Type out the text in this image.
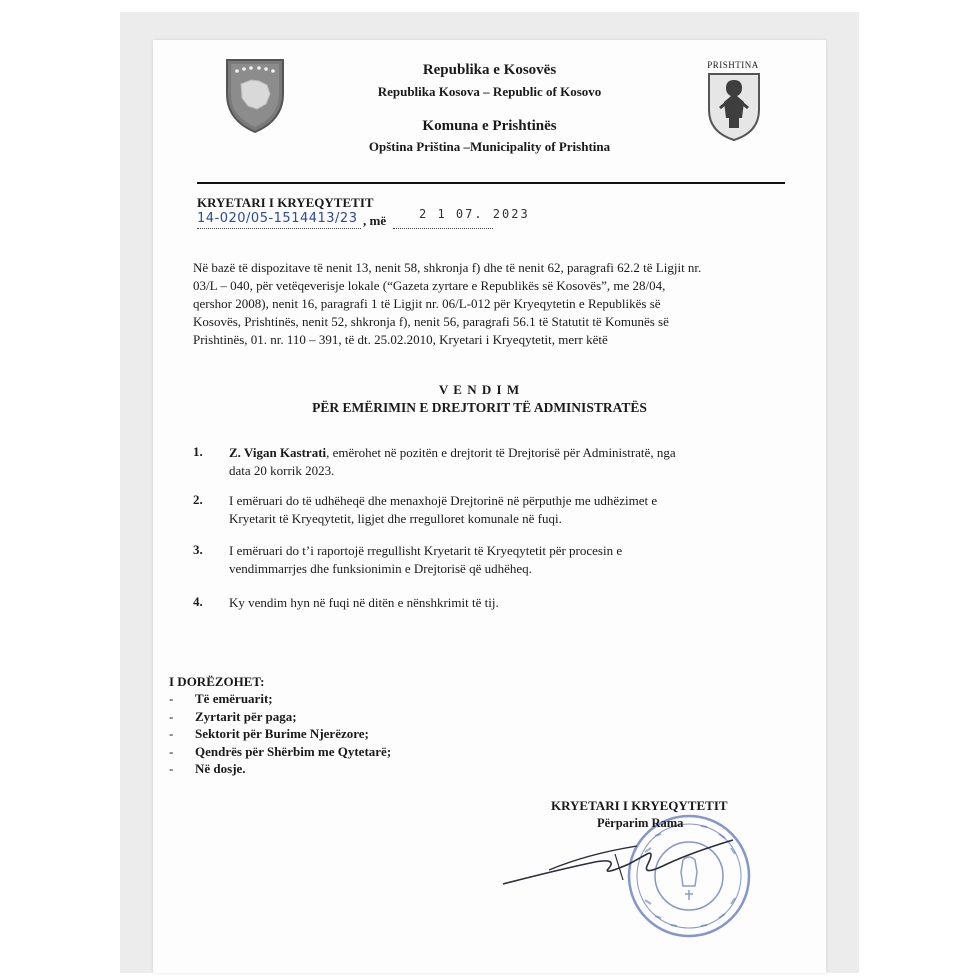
PRISHTINA
Republika e Kosovës
Republika Kosova – Republic of Kosovo
Komuna e Prishtinës
Opština Priština –Municipality of Prishtina
KRYETARI I KRYEQYTETIT
14-020/05-1514413/23 , më	2 1 07. 2023
Në bazë të dispozitave të nenit 13, nenit 58, shkronja f) dhe të nenit 62, paragrafi 62.2 të Ligjit nr.
03/L – 040, për vetëqeverisje lokale (“Gazeta zyrtare e Republikës së Kosovës”, me 28/04,
qershor 2008), nenit 16, paragrafi 1 të Ligjit nr. 06/L-012 për Kryeqytetin e Republikës së
Kosovës, Prishtinës, nenit 52, shkronja f), nenit 56, paragrafi 56.1 të Statutit të Komunës së
Prishtinës, 01. nr. 110 – 391, të dt. 25.02.2010, Kryetari i Kryeqytetit, merr këtë
V E N D I M
PËR EMËRIMIN E DREJTORIT TË ADMINISTRATËS
1. Z. Vigan Kastrati, emërohet në pozitën e drejtorit të Drejtorisë për Administratë, nga
data 20 korrik 2023.
2. I emëruari do të udhëheqë dhe menaxhojë Drejtorinë në përputhje me udhëzimet e
Kryetarit të Kryeqytetit, ligjet dhe rregulloret komunale në fuqi.
3. I emëruari do t’i raportojë rregullisht Kryetarit të Kryeqytetit për procesin e
vendimmarrjes dhe funksionimin e Drejtorisë që udhëheq.
4. Ky vendim hyn në fuqi në ditën e nënshkrimit të tij.
I DORËZOHET:
- Të emëruarit;
- Zyrtarit për paga;
- Sektorit për Burime Njerëzore;
- Qendrës për Shërbim me Qytetarë;
- Në dosje.
KRYETARI I KRYEQYTETIT
Përparim Rama
